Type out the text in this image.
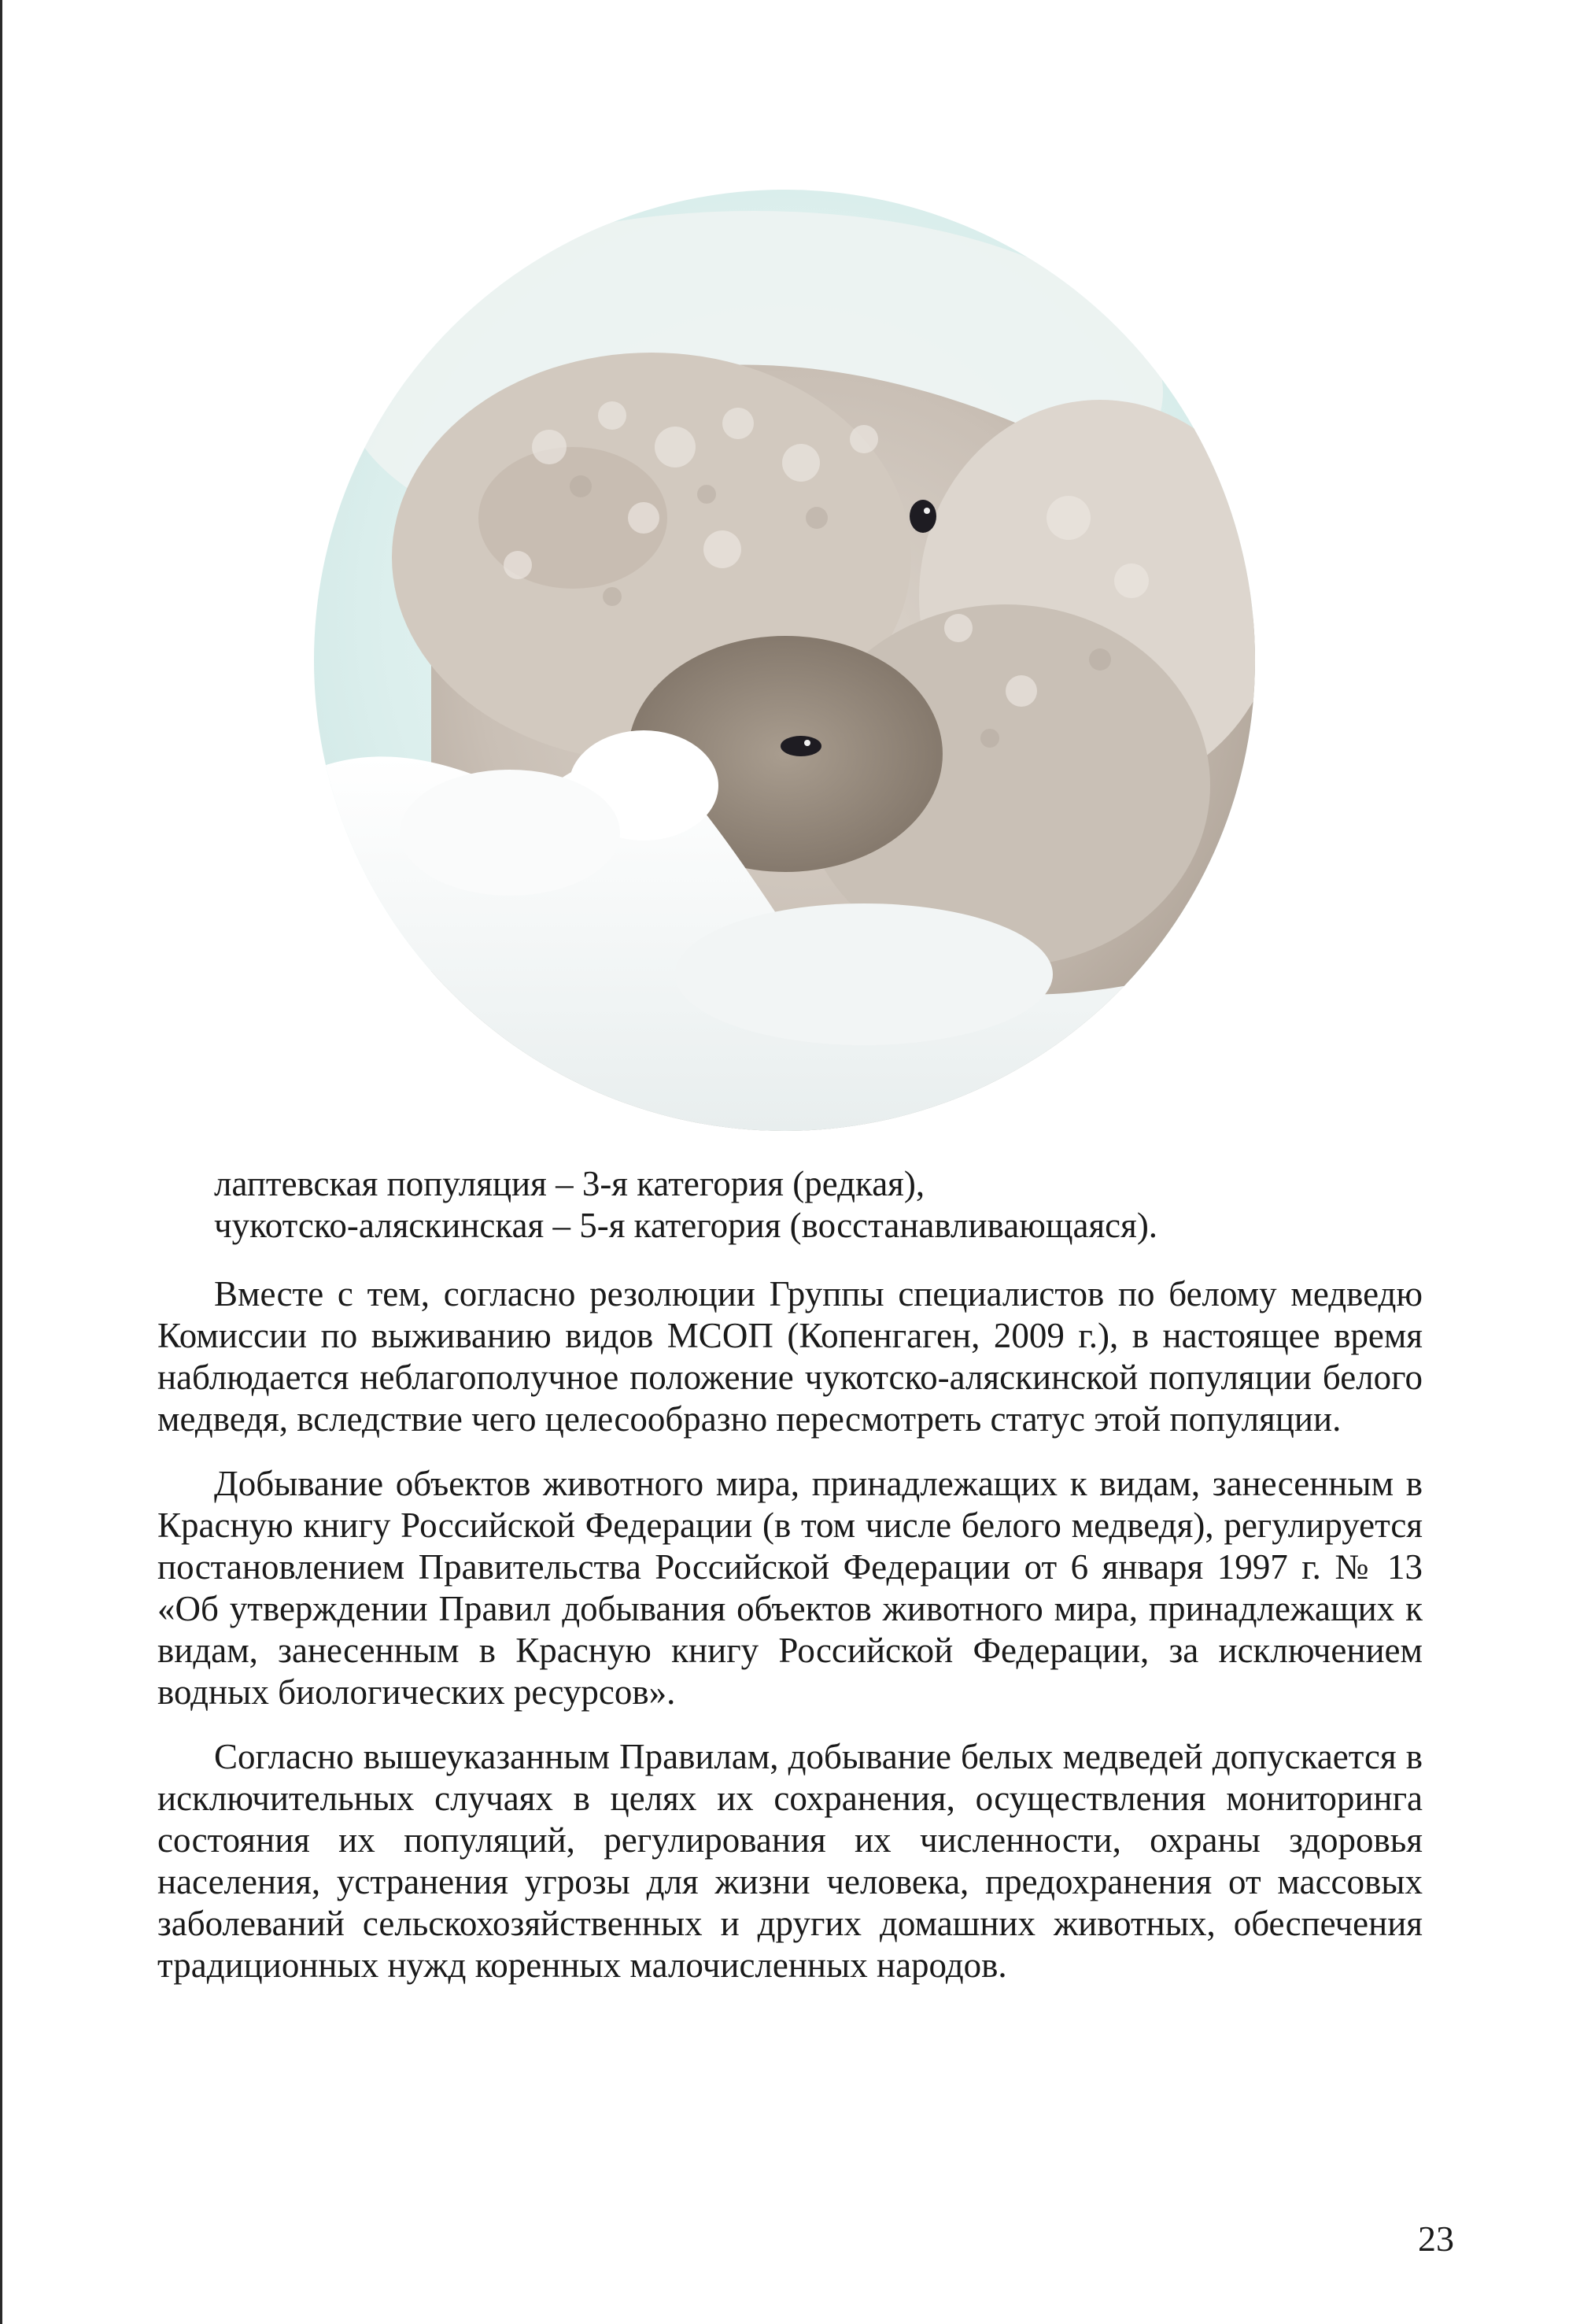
лаптевская популяция – 3-я категория (редкая),
чукотско-аляскинская – 5-я категория (восстанавливающаяся).

Вместе с тем, согласно резолюции Группы специалистов по белому медведю Комиссии по выживанию видов МСОП (Копенгаген, 2009 г.), в настоящее время наблюдается неблагополучное положение чукотско-аляскинской популяции белого медведя, вследствие чего целесообразно пересмотреть статус этой популяции.

Добывание объектов животного мира, принадлежащих к видам, занесенным в Красную книгу Российской Федерации (в том числе белого медведя), регулируется постановлением Правительства Российской Федерации от 6 января 1997 г. № 13 «Об утверждении Правил добывания объектов животного мира, принадлежащих к видам, занесенным в Красную книгу Российской Федерации, за исключением водных биологических ресурсов».

Согласно вышеуказанным Правилам, добывание белых медведей допускается в исключительных случаях в целях их сохранения, осуществления мониторинга состояния их популяций, регулирования их численности, охраны здоровья населения, устранения угрозы для жизни человека, предохранения от массовых заболеваний сельскохозяйственных и других домашних животных, обеспечения традиционных нужд коренных малочисленных народов.

23
